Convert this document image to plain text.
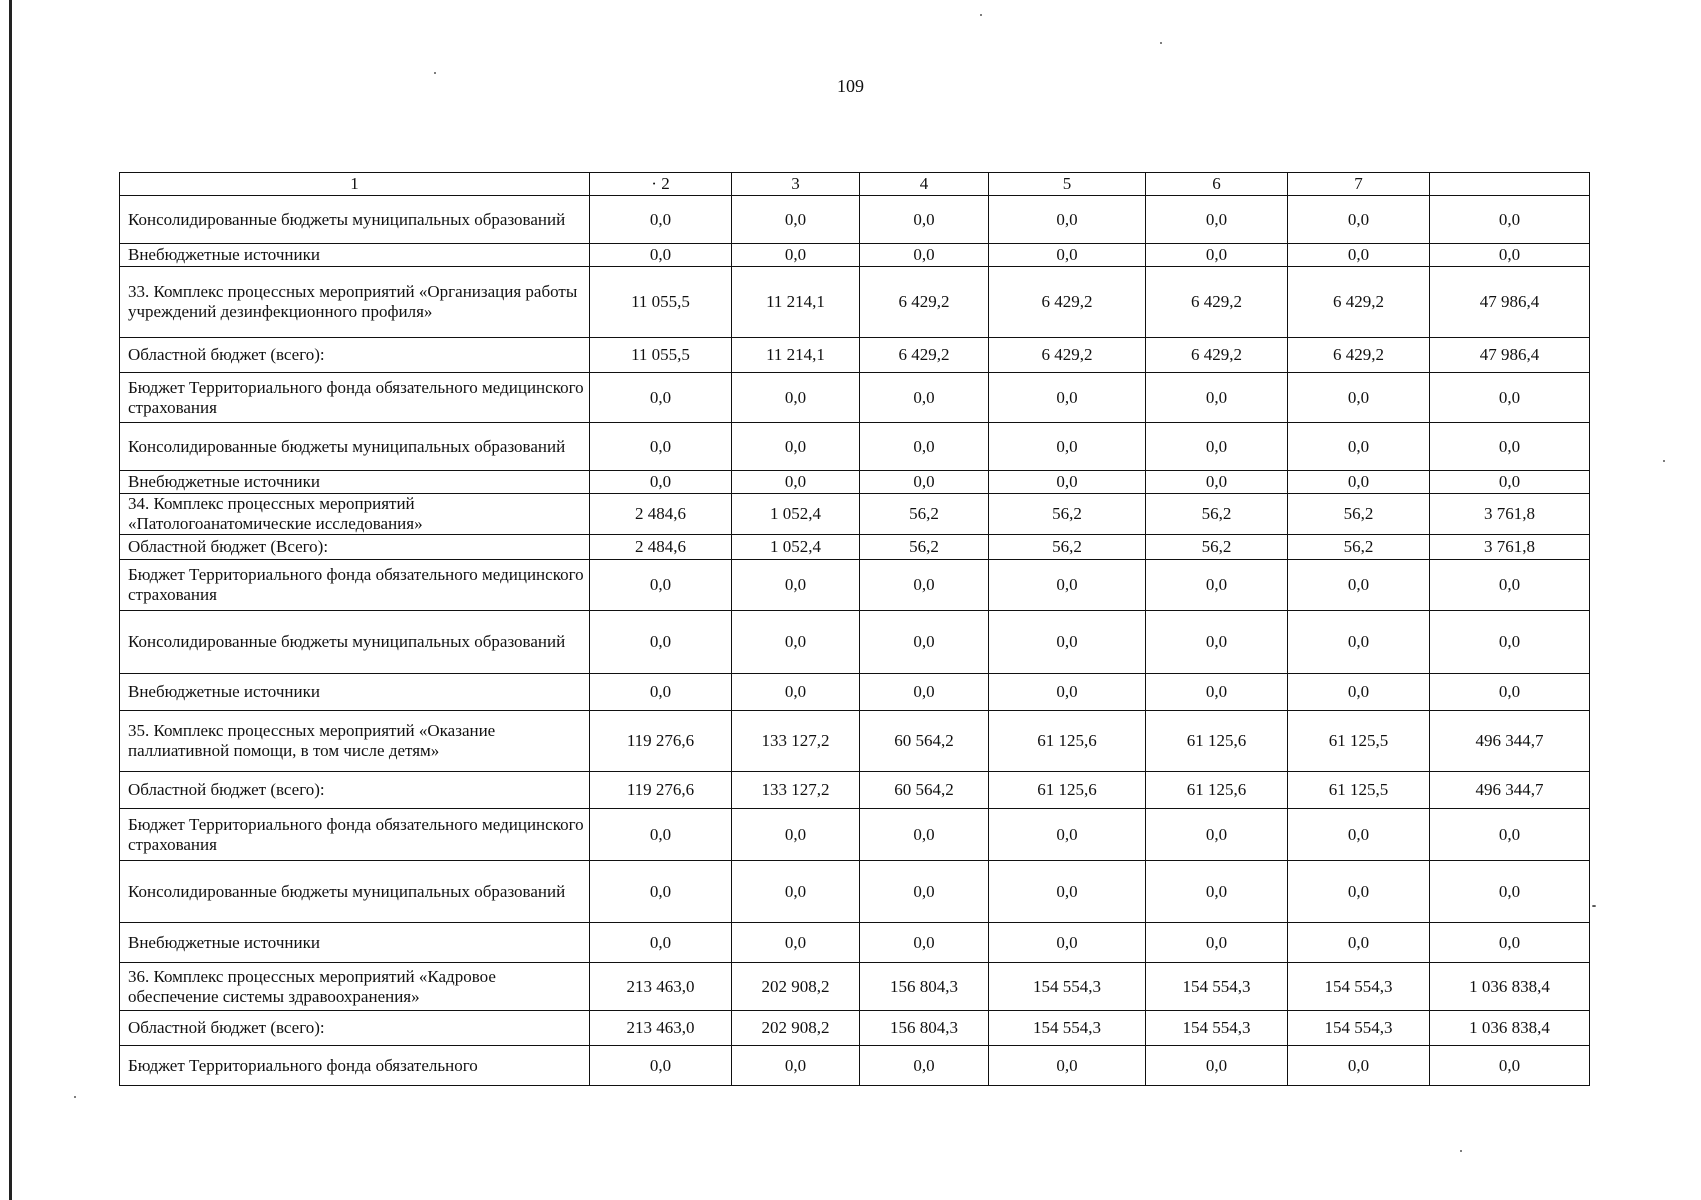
109
1	· 2	3	4	5	6	7	
Консолидированные бюджеты муниципальных образований	0,0	0,0	0,0	0,0	0,0	0,0	0,0
Внебюджетные источники	0,0	0,0	0,0	0,0	0,0	0,0	0,0
33. Комплекс процессных мероприятий «Организация работы учреждений дезинфекционного профиля»	11 055,5	11 214,1	6 429,2	6 429,2	6 429,2	6 429,2	47 986,4
Областной бюджет (всего):	11 055,5	11 214,1	6 429,2	6 429,2	6 429,2	6 429,2	47 986,4
Бюджет Территориального фонда обязательного медицинского страхования	0,0	0,0	0,0	0,0	0,0	0,0	0,0
Консолидированные бюджеты муниципальных образований	0,0	0,0	0,0	0,0	0,0	0,0	0,0
Внебюджетные источники	0,0	0,0	0,0	0,0	0,0	0,0	0,0
34. Комплекс процессных мероприятий «Патологоанатомические исследования»	2 484,6	1 052,4	56,2	56,2	56,2	56,2	3 761,8
Областной бюджет (Всего):	2 484,6	1 052,4	56,2	56,2	56,2	56,2	3 761,8
Бюджет Территориального фонда обязательного медицинского страхования	0,0	0,0	0,0	0,0	0,0	0,0	0,0
Консолидированные бюджеты муниципальных образований	0,0	0,0	0,0	0,0	0,0	0,0	0,0
Внебюджетные источники	0,0	0,0	0,0	0,0	0,0	0,0	0,0
35. Комплекс процессных мероприятий «Оказание паллиативной помощи, в том числе детям»	119 276,6	133 127,2	60 564,2	61 125,6	61 125,6	61 125,5	496 344,7
Областной бюджет (всего):	119 276,6	133 127,2	60 564,2	61 125,6	61 125,6	61 125,5	496 344,7
Бюджет Территориального фонда обязательного медицинского страхования	0,0	0,0	0,0	0,0	0,0	0,0	0,0
Консолидированные бюджеты муниципальных образований	0,0	0,0	0,0	0,0	0,0	0,0	0,0
Внебюджетные источники	0,0	0,0	0,0	0,0	0,0	0,0	0,0
36. Комплекс процессных мероприятий «Кадровое обеспечение системы здравоохранения»	213 463,0	202 908,2	156 804,3	154 554,3	154 554,3	154 554,3	1 036 838,4
Областной бюджет (всего):	213 463,0	202 908,2	156 804,3	154 554,3	154 554,3	154 554,3	1 036 838,4
Бюджет Территориального фонда обязательного	0,0	0,0	0,0	0,0	0,0	0,0	0,0
